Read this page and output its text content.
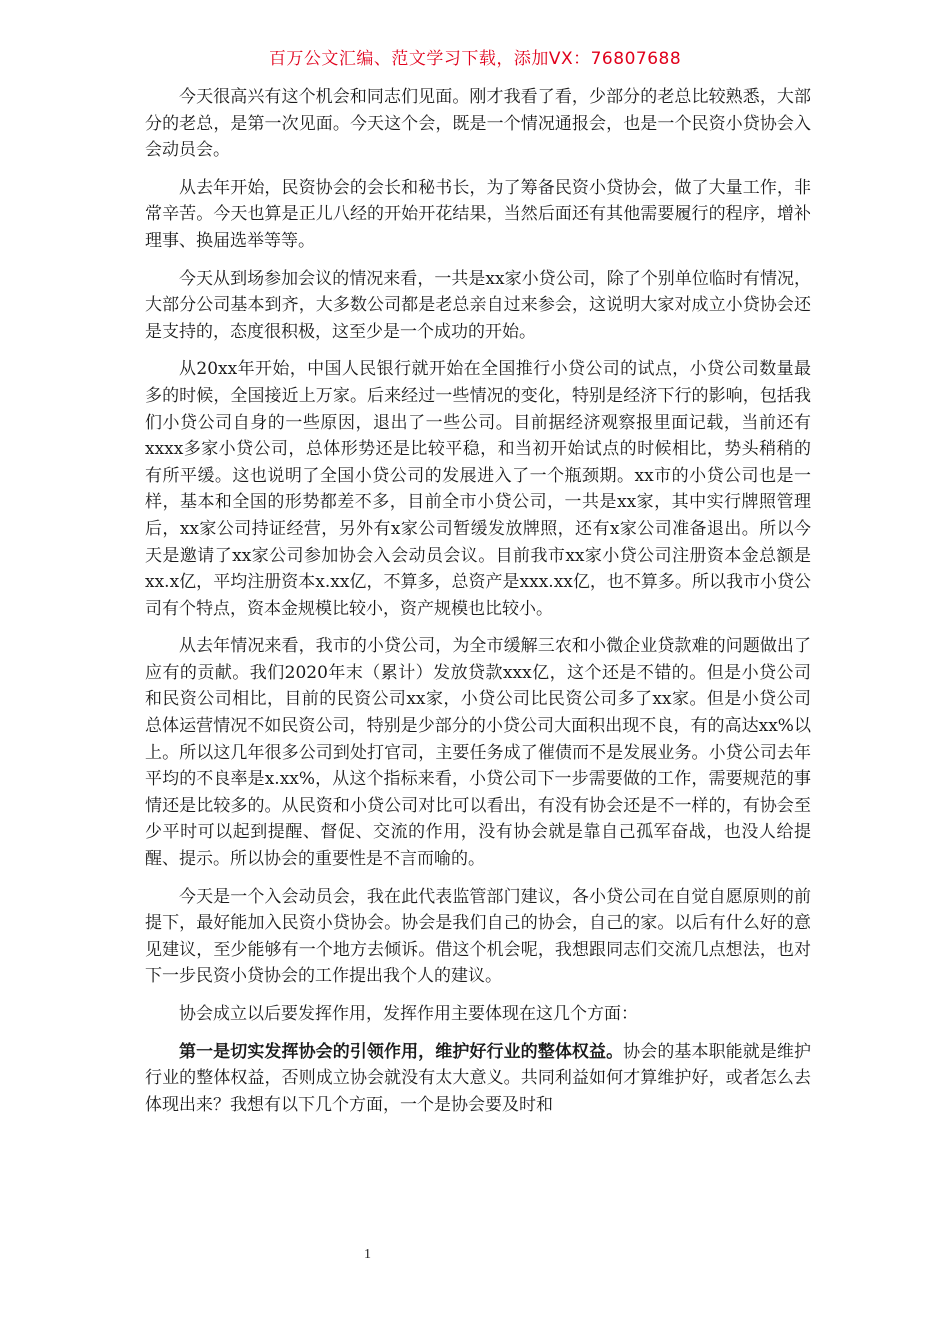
百万公文汇编、范文学习下载，添加VX：76807688

今天很高兴有这个机会和同志们见面。刚才我看了看，少部分的老总比较熟悉，大部分的老总，是第一次见面。今天这个会，既是一个情况通报会，也是一个民资小贷协会入会动员会。

从去年开始，民资协会的会长和秘书长，为了筹备民资小贷协会，做了大量工作，非常辛苦。今天也算是正儿八经的开始开花结果，当然后面还有其他需要履行的程序，增补理事、换届选举等等。

今天从到场参加会议的情况来看，一共是xx家小贷公司，除了个别单位临时有情况，大部分公司基本到齐，大多数公司都是老总亲自过来参会，这说明大家对成立小贷协会还是支持的，态度很积极，这至少是一个成功的开始。

从20xx年开始，中国人民银行就开始在全国推行小贷公司的试点，小贷公司数量最多的时候，全国接近上万家。后来经过一些情况的变化，特别是经济下行的影响，包括我们小贷公司自身的一些原因，退出了一些公司。目前据经济观察报里面记载，当前还有xxxx多家小贷公司，总体形势还是比较平稳，和当初开始试点的时候相比，势头稍稍的有所平缓。这也说明了全国小贷公司的发展进入了一个瓶颈期。xx市的小贷公司也是一样，基本和全国的形势都差不多，目前全市小贷公司，一共是xx家，其中实行牌照管理后，xx家公司持证经营，另外有x家公司暂缓发放牌照，还有x家公司准备退出。所以今天是邀请了xx家公司参加协会入会动员会议。目前我市xx家小贷公司注册资本金总额是xx.x亿，平均注册资本x.xx亿，不算多，总资产是xxx.xx亿，也不算多。所以我市小贷公司有个特点，资本金规模比较小，资产规模也比较小。

从去年情况来看，我市的小贷公司，为全市缓解三农和小微企业贷款难的问题做出了应有的贡献。我们2020年末（累计）发放贷款xxx亿，这个还是不错的。但是小贷公司和民资公司相比，目前的民资公司xx家，小贷公司比民资公司多了xx家。但是小贷公司总体运营情况不如民资公司，特别是少部分的小贷公司大面积出现不良，有的高达xx%以上。所以这几年很多公司到处打官司，主要任务成了催债而不是发展业务。小贷公司去年平均的不良率是x.xx%，从这个指标来看，小贷公司下一步需要做的工作，需要规范的事情还是比较多的。从民资和小贷公司对比可以看出，有没有协会还是不一样的，有协会至少平时可以起到提醒、督促、交流的作用，没有协会就是靠自己孤军奋战，也没人给提醒、提示。所以协会的重要性是不言而喻的。

今天是一个入会动员会，我在此代表监管部门建议，各小贷公司在自觉自愿原则的前提下，最好能加入民资小贷协会。协会是我们自己的协会，自己的家。以后有什么好的意见建议，至少能够有一个地方去倾诉。借这个机会呢，我想跟同志们交流几点想法，也对下一步民资小贷协会的工作提出我个人的建议。

协会成立以后要发挥作用，发挥作用主要体现在这几个方面：

第一是切实发挥协会的引领作用，维护好行业的整体权益。协会的基本职能就是维护行业的整体权益，否则成立协会就没有太大意义。共同利益如何才算维护好，或者怎么去体现出来？我想有以下几个方面，一个是协会要及时和

1
